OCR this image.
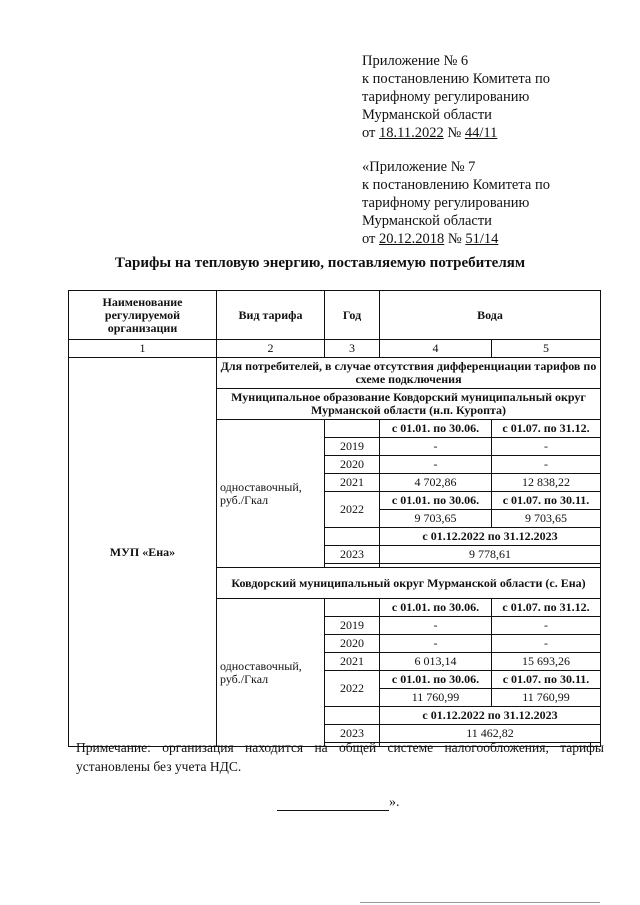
Приложение № 6
к постановлению Комитета по
тарифному регулированию
Мурманской области
от 18.11.2022 № 44/11
«Приложение № 7
к постановлению Комитета по
тарифному регулированию
Мурманской области
от 20.12.2018 № 51/14
Тарифы на тепловую энергию, поставляемую потребителям
Наименование регулируемой организации	Вид тарифа	Год	Вода	
1	2	3	4	5
МУП «Ена»	Для потребителей, в случае отсутствия дифференциации тарифов по схеме подключения			
	Муниципальное образование Ковдорский муниципальный округ Мурманской области (н.п. Куропта)			
	одноставочный, руб./Гкал		с 01.01. по 30.06.	с 01.07. по 31.12.
		2019	-	-
		2020	-	-
		2021	4 702,86	12 838,22
		2022	с 01.01. по 30.06.	с 01.07. по 30.11.
			9 703,65	9 703,65
			с 01.12.2022 по 31.12.2023	
		2023	9 778,61	

	Ковдорский муниципальный округ Мурманской области (с. Ена)			
	одноставочный, руб./Гкал		с 01.01. по 30.06.	с 01.07. по 31.12.
		2019	-	-
		2020	-	-
		2021	6 013,14	15 693,26
		2022	с 01.01. по 30.06.	с 01.07. по 30.11.
			11 760,99	11 760,99
			с 01.12.2022 по 31.12.2023	
		2023	11 462,82	

Примечание: организация находится на общей системе налогообложения, тарифы установлены без учета НДС.
».
